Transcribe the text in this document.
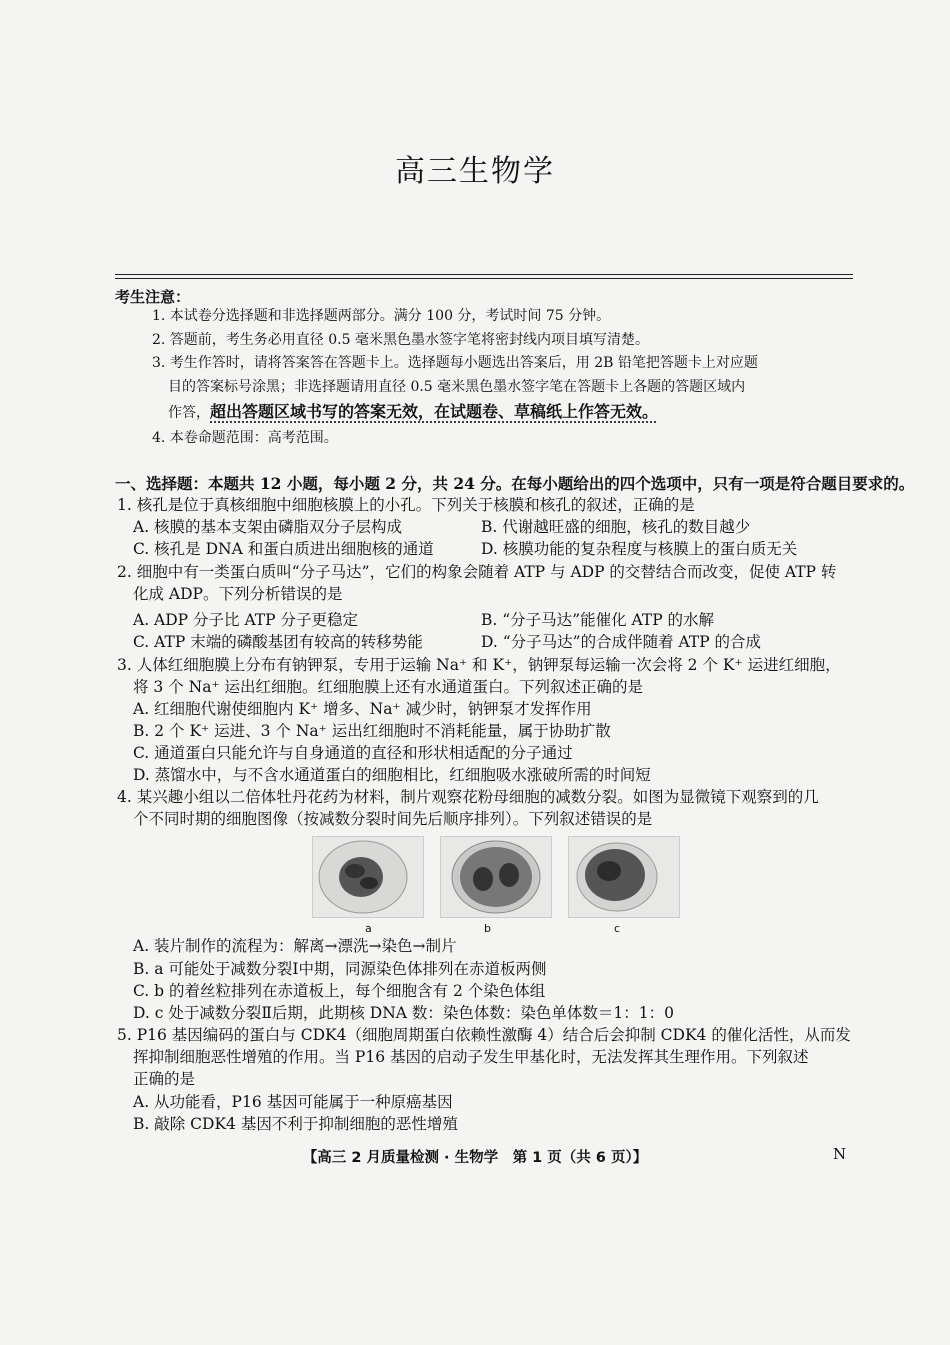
高三生物学
考生注意：
1. 本试卷分选择题和非选择题两部分。满分 100 分，考试时间 75 分钟。
2. 答题前，考生务必用直径 0.5 毫米黑色墨水签字笔将密封线内项目填写清楚。
3. 考生作答时，请将答案答在答题卡上。选择题每小题选出答案后，用 2B 铅笔把答题卡上对应题
目的答案标号涂黑；非选择题请用直径 0.5 毫米黑色墨水签字笔在答题卡上各题的答题区域内
作答，超出答题区域书写的答案无效，在试题卷、草稿纸上作答无效。
4. 本卷命题范围：高考范围。
一、选择题：本题共 12 小题，每小题 2 分，共 24 分。在每小题给出的四个选项中，只有一项是符合题目要求的。
1. 核孔是位于真核细胞中细胞核膜上的小孔。下列关于核膜和核孔的叙述，正确的是
A. 核膜的基本支架由磷脂双分子层构成	B. 代谢越旺盛的细胞，核孔的数目越少
C. 核孔是 DNA 和蛋白质进出细胞核的通道	D. 核膜功能的复杂程度与核膜上的蛋白质无关
2. 细胞中有一类蛋白质叫“分子马达”，它们的构象会随着 ATP 与 ADP 的交替结合而改变，促使 ATP 转
化成 ADP。下列分析错误的是
A. ADP 分子比 ATP 分子更稳定	B. “分子马达”能催化 ATP 的水解
C. ATP 末端的磷酸基团有较高的转移势能	D. “分子马达”的合成伴随着 ATP 的合成
3. 人体红细胞膜上分布有钠钾泵，专用于运输 Na⁺ 和 K⁺，钠钾泵每运输一次会将 2 个 K⁺ 运进红细胞，
将 3 个 Na⁺ 运出红细胞。红细胞膜上还有水通道蛋白。下列叙述正确的是
A. 红细胞代谢使细胞内 K⁺ 增多、Na⁺ 减少时，钠钾泵才发挥作用
B. 2 个 K⁺ 运进、3 个 Na⁺ 运出红细胞时不消耗能量，属于协助扩散
C. 通道蛋白只能允许与自身通道的直径和形状相适配的分子通过
D. 蒸馏水中，与不含水通道蛋白的细胞相比，红细胞吸水涨破所需的时间短
4. 某兴趣小组以二倍体牡丹花药为材料，制片观察花粉母细胞的减数分裂。如图为显微镜下观察到的几
个不同时期的细胞图像（按减数分裂时间先后顺序排列）。下列叙述错误的是
a	b	c
A. 装片制作的流程为：解离→漂洗→染色→制片
B. a 可能处于减数分裂Ⅰ中期，同源染色体排列在赤道板两侧
C. b 的着丝粒排列在赤道板上，每个细胞含有 2 个染色体组
D. c 处于减数分裂Ⅱ后期，此期核 DNA 数：染色体数：染色单体数＝1：1：0
5. P16 基因编码的蛋白与 CDK4（细胞周期蛋白依赖性激酶 4）结合后会抑制 CDK4 的催化活性，从而发
挥抑制细胞恶性增殖的作用。当 P16 基因的启动子发生甲基化时，无法发挥其生理作用。下列叙述
正确的是
A. 从功能看，P16 基因可能属于一种原癌基因
B. 敲除 CDK4 基因不利于抑制细胞的恶性增殖
【高三 2 月质量检测 · 生物学　第 1 页（共 6 页）】	N
